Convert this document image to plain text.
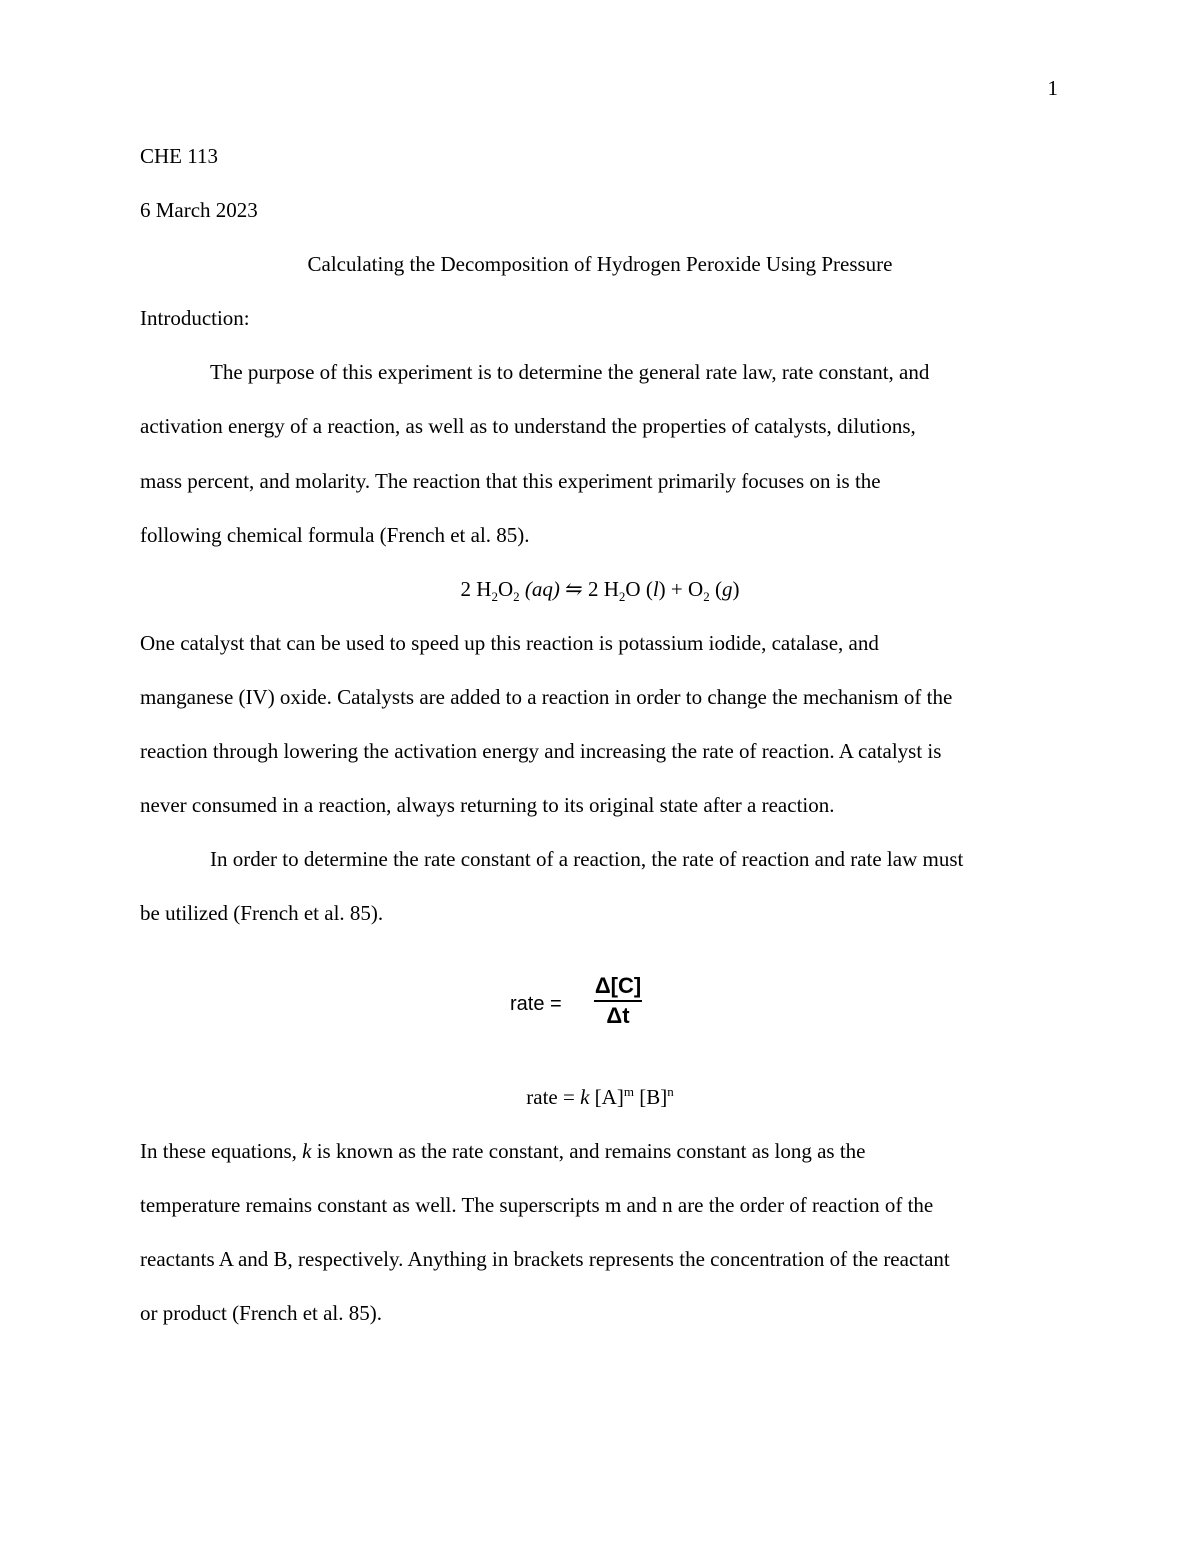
1
CHE 113
6 March 2023
Calculating the Decomposition of Hydrogen Peroxide Using Pressure
Introduction:
The purpose of this experiment is to determine the general rate law, rate constant, and
activation energy of a reaction, as well as to understand the properties of catalysts, dilutions,
mass percent, and molarity. The reaction that this experiment primarily focuses on is the
following chemical formula (French et al. 85).
2 $H_2O_2$ (aq) ⇋ 2 $H_2O$ $(l) + O_2$ (g)
One catalyst that can be used to speed up this reaction is potassium iodide, catalase, and
manganese (IV) oxide. Catalysts are added to a reaction in order to change the mechanism of the
reaction through lowering the activation energy and increasing the rate of reaction. A catalyst is
never consumed in a reaction, always returning to its original state after a reaction.
In order to determine the rate constant of a reaction, the rate of reaction and rate law must
be utilized (French et al. 85).
rate =
Δ[C]
Δt
rate = k $[A]^m$ $[B]^n$
In these equations, k is known as the rate constant, and remains constant as long as the
temperature remains constant as well. The superscripts m and n are the order of reaction of the
reactants A and B, respectively. Anything in brackets represents the concentration of the reactant
or product (French et al. 85).
